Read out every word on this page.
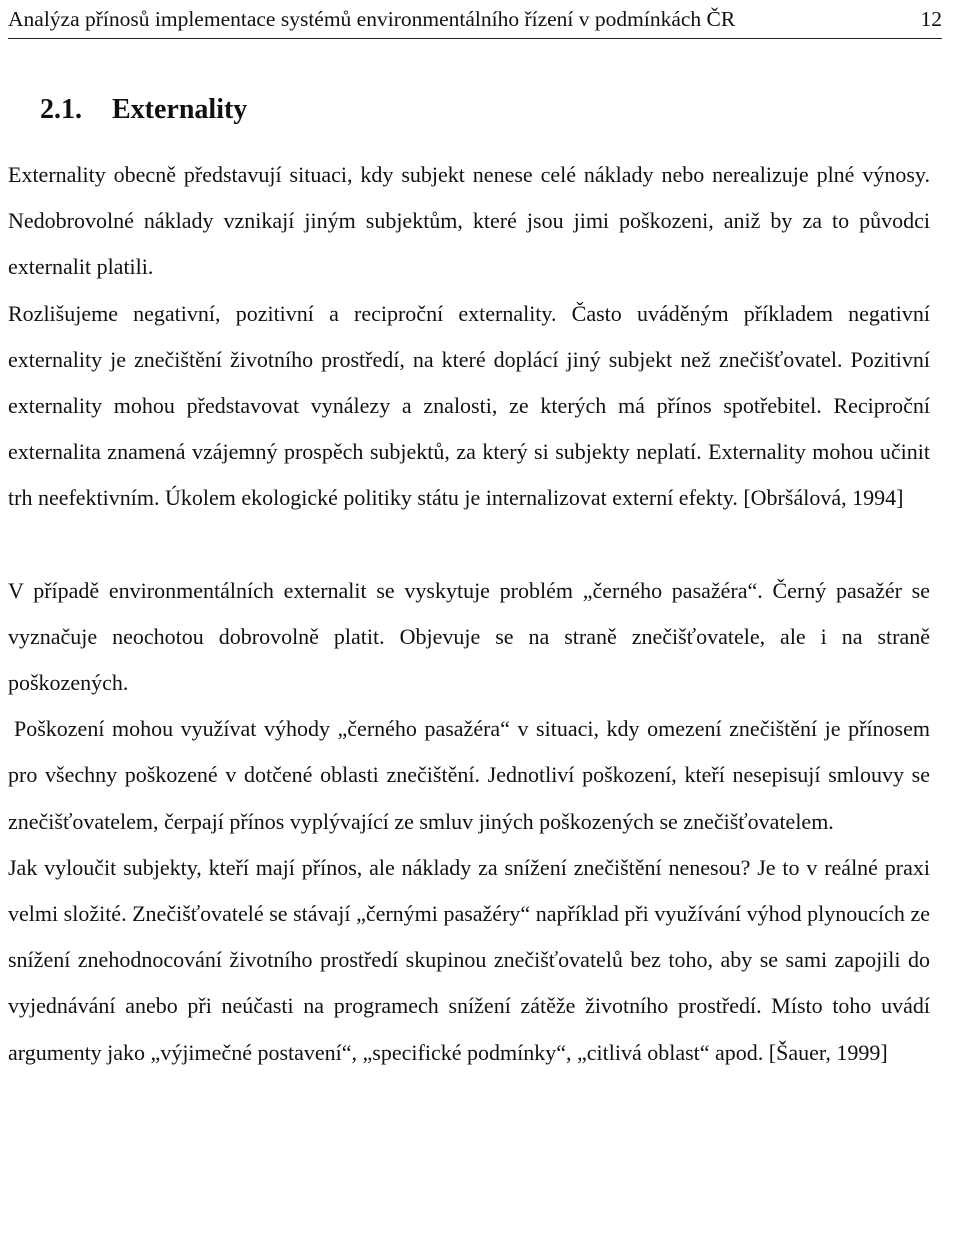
Analýza přínosů implementace systémů environmentálního řízení v podmínkách ČR	12
2.1. Externality

Externality obecně představují situaci, kdy subjekt nenese celé náklady nebo nerealizuje plné výnosy. Nedobrovolné náklady vznikají jiným subjektům, které jsou jimi poškozeni, aniž by za to původci externalit platili.

Rozlišujeme negativní, pozitivní a reciproční externality. Často uváděným příkladem negativní externality je znečištění životního prostředí, na které doplácí jiný subjekt než znečišťovatel. Pozitivní externality mohou představovat vynálezy a znalosti, ze kterých má přínos spotřebitel. Reciproční externalita znamená vzájemný prospěch subjektů, za který si subjekty neplatí. Externality mohou učinit trh neefektivním. Úkolem ekologické politiky státu je internalizovat externí efekty. [Obršálová, 1994]

V případě environmentálních externalit se vyskytuje problém „černého pasažéra“. Černý pasažér se vyznačuje neochotou dobrovolně platit. Objevuje se na straně znečišťovatele, ale i na straně poškozených.

Poškození mohou využívat výhody „černého pasažéra“ v situaci, kdy omezení znečištění je přínosem pro všechny poškozené v dotčené oblasti znečištění. Jednotliví poškození, kteří nesepisují smlouvy se znečišťovatelem, čerpají přínos vyplývající ze smluv jiných poškozených se znečišťovatelem.

Jak vyloučit subjekty, kteří mají přínos, ale náklady za snížení znečištění nenesou? Je to v reálné praxi velmi složité. Znečišťovatelé se stávají „černými pasažéry“ například při využívání výhod plynoucích ze snížení znehodnocování životního prostředí skupinou znečišťovatelů bez toho, aby se sami zapojili do vyjednávání anebo při neúčasti na programech snížení zátěže životního prostředí. Místo toho uvádí argumenty jako „výjimečné postavení“, „specifické podmínky“, „citlivá oblast“ apod. [Šauer, 1999]
